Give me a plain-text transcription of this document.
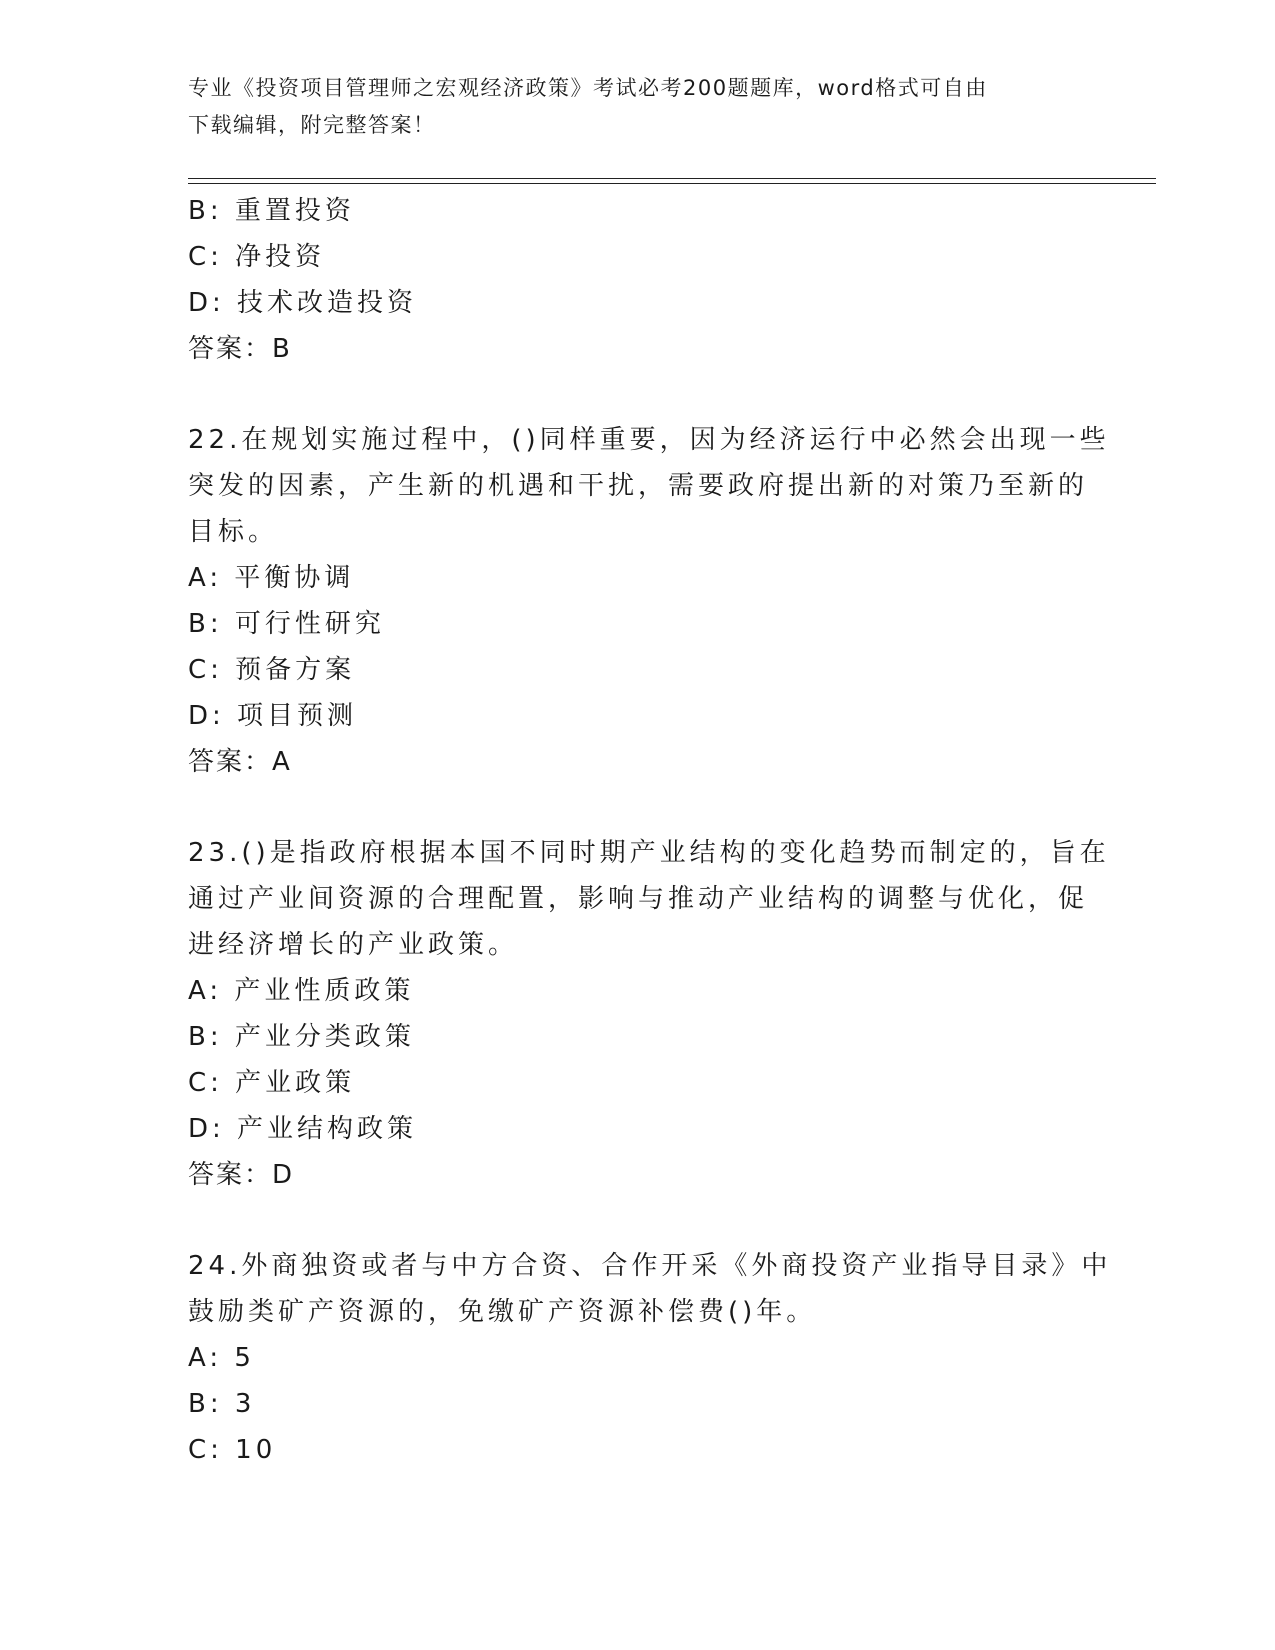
专业《投资项目管理师之宏观经济政策》考试必考200题题库，word格式可自由
下载编辑，附完整答案！
B: 重置投资
C: 净投资
D: 技术改造投资
答案：B
22.在规划实施过程中，()同样重要，因为经济运行中必然会出现一些
突发的因素，产生新的机遇和干扰，需要政府提出新的对策乃至新的
目标。
A: 平衡协调
B: 可行性研究
C: 预备方案
D: 项目预测
答案：A
23.()是指政府根据本国不同时期产业结构的变化趋势而制定的，旨在
通过产业间资源的合理配置，影响与推动产业结构的调整与优化，促
进经济增长的产业政策。
A: 产业性质政策
B: 产业分类政策
C: 产业政策
D: 产业结构政策
答案：D
24.外商独资或者与中方合资、合作开采《外商投资产业指导目录》中
鼓励类矿产资源的，免缴矿产资源补偿费()年。
A: 5
B: 3
C: 10
